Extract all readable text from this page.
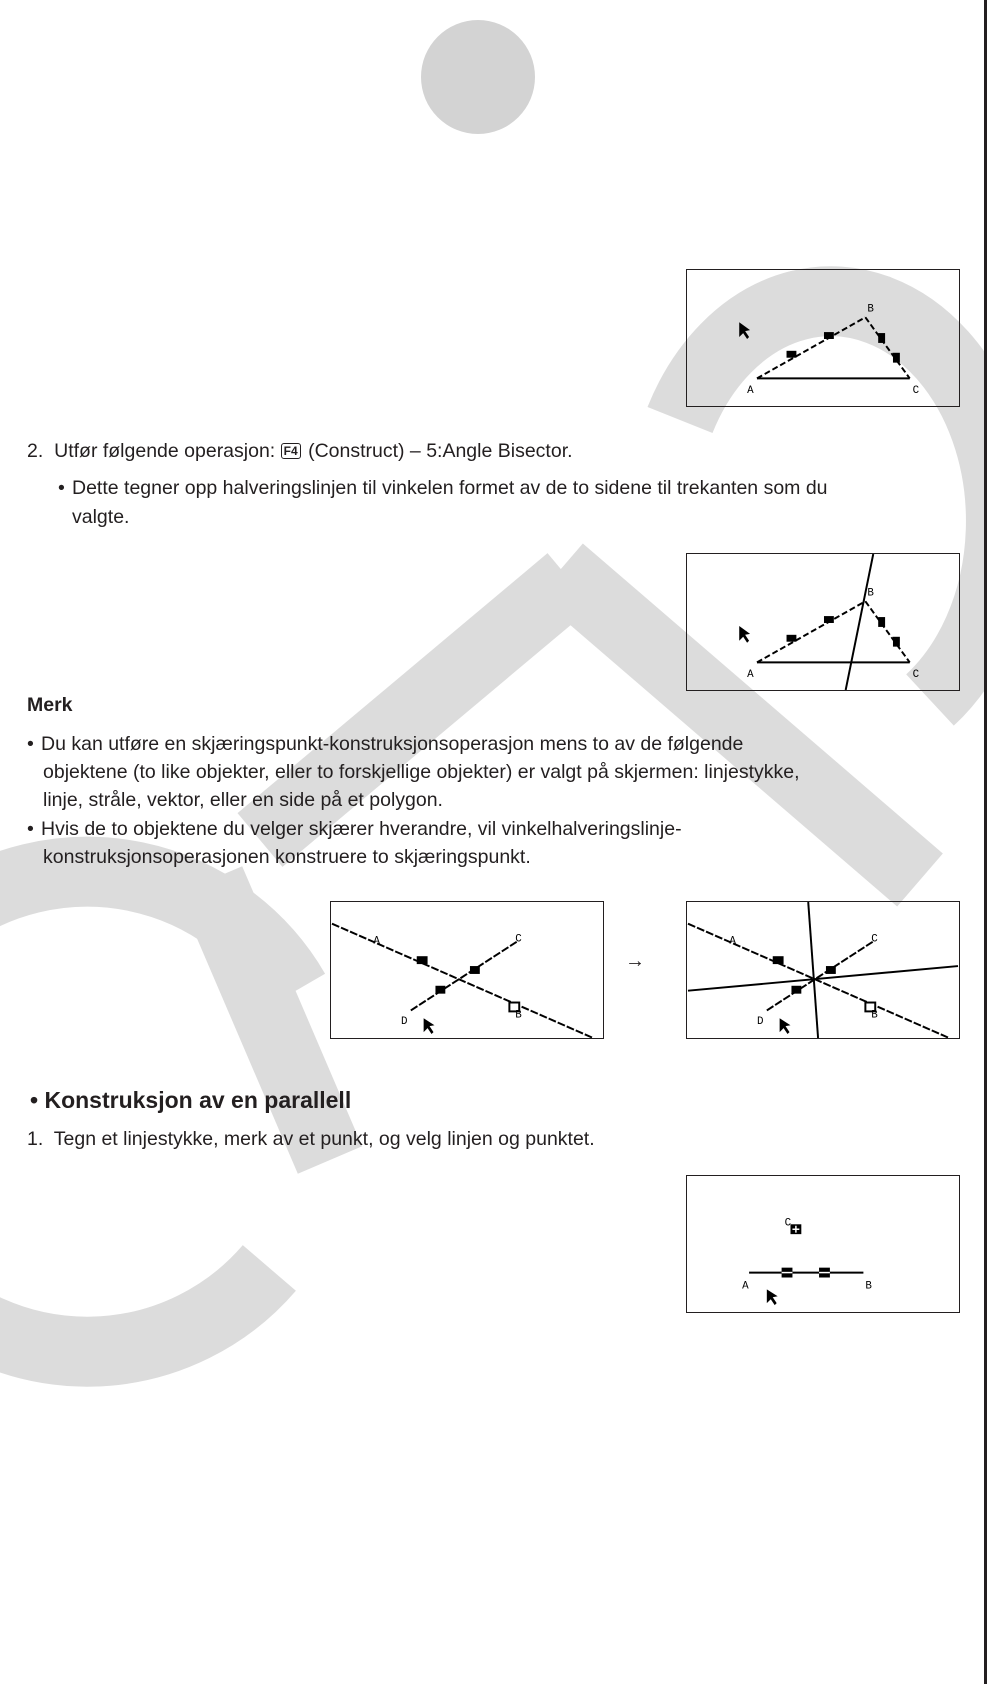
A
B
C
2. Utfør følgende operasjon: F4 (Construct) – 5:Angle Bisector.
• Dette tegner opp halveringslinjen til vinkelen formet av de to sidene til trekanten som du
valgte.
A
B
C
Merk
• Du kan utføre en skjæringspunkt-konstruksjonsoperasjon mens to av de følgende
objektene (to like objekter, eller to forskjellige objekter) er valgt på skjermen: linjestykke,
linje, stråle, vektor, eller en side på et polygon.
• Hvis de to objektene du velger skjærer hverandre, vil vinkelhalveringslinje-
konstruksjonsoperasjonen konstruere to skjæringspunkt.
A
B
C
D
→
A
B
C
D
• Konstruksjon av en parallell
1. Tegn et linjestykke, merk av et punkt, og velg linjen og punktet.
A	B
C
